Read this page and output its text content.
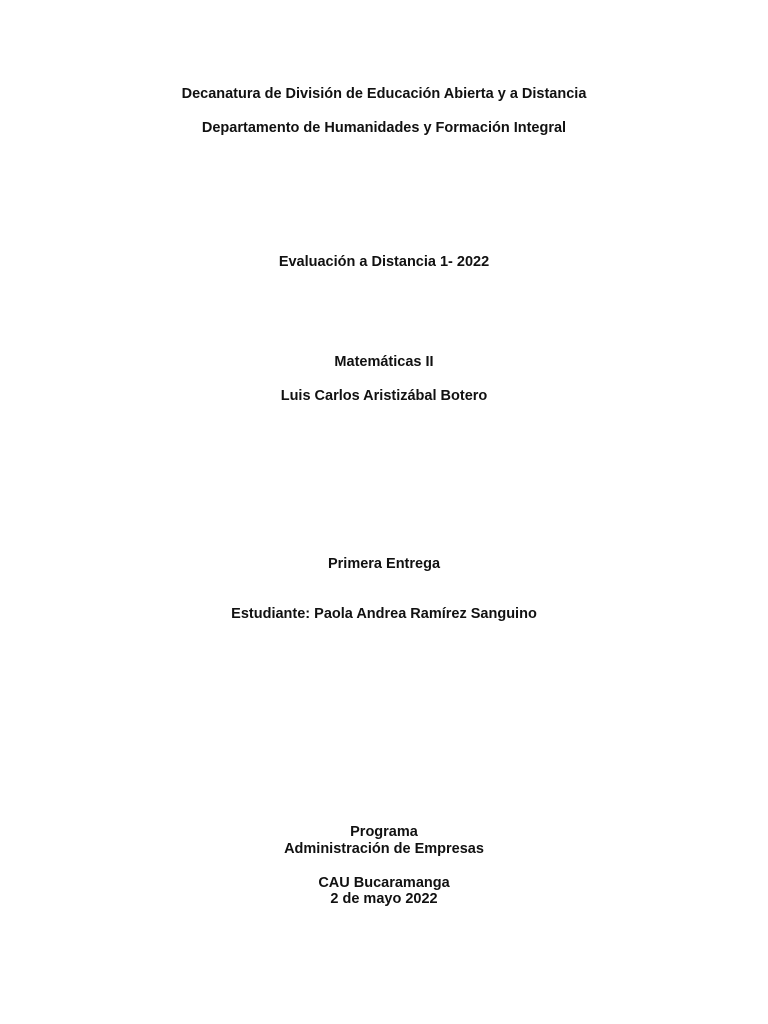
Decanatura de División de Educación Abierta y a Distancia
Departamento de Humanidades y Formación Integral
Evaluación a Distancia 1- 2022
Matemáticas II
Luis Carlos Aristizábal Botero
Primera Entrega
Estudiante: Paola Andrea Ramírez Sanguino
Programa
Administración de Empresas
CAU Bucaramanga
2 de mayo 2022
